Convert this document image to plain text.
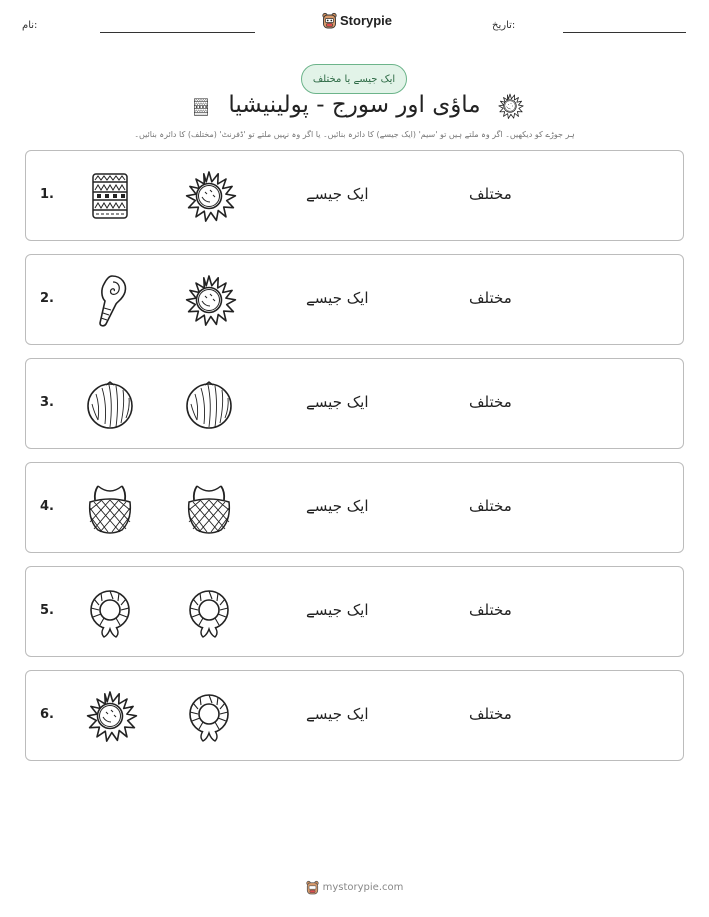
نام:	Storypie	تاریخ:
ایک جیسے یا مختلف
ماؤی اور سورج - پولینیشیا
ہر جوڑے کو دیکھیں۔ اگر وہ ملتے ہیں تو 'سیم' (ایک جیسے) کا دائرہ بنائیں۔ یا اگر وہ نہیں ملتے تو 'ڈفرنٹ' (مختلف) کا دائرہ بنائیں۔
1.	ایک جیسے	مختلف
2.	ایک جیسے	مختلف
3.	ایک جیسے	مختلف
4.	ایک جیسے	مختلف
5.	ایک جیسے	مختلف
6.	ایک جیسے	مختلف
mystorypie.com
